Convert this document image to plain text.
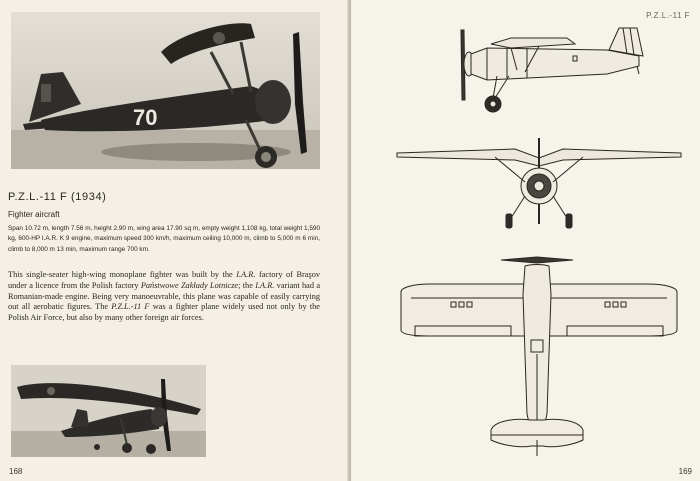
70
P.Z.L.-11 F (1934)
Fighter aircraft
Span 10.72 m, length 7.56 m, height 2.90 m, wing area 17.90 sq m, empty weight 1,108 kg, total weight 1,590 kg, 600-HP I.A.R. K 9 engine, maximum speed 300 km/h, maximum ceiling 10,000 m, climb to 5,000 m 6 min, climb to 8,000 m 13 min, maximum range 700 km.
This single-seater high-wing monoplane fighter was built by the I.A.R. factory of Braşov under a licence from the Polish factory Państwowe Zakłady Lotnicze; the I.A.R. variant had a Romanian-made engine. Being very manoeuvrable, this plane was capable of easily carrying out all aerobatic figures. The P.Z.L.-11 F was a fighter plane widely used not only by the Polish Air Force, but also by many other foreign air forces.
168
P.Z.L.-11 F
169
